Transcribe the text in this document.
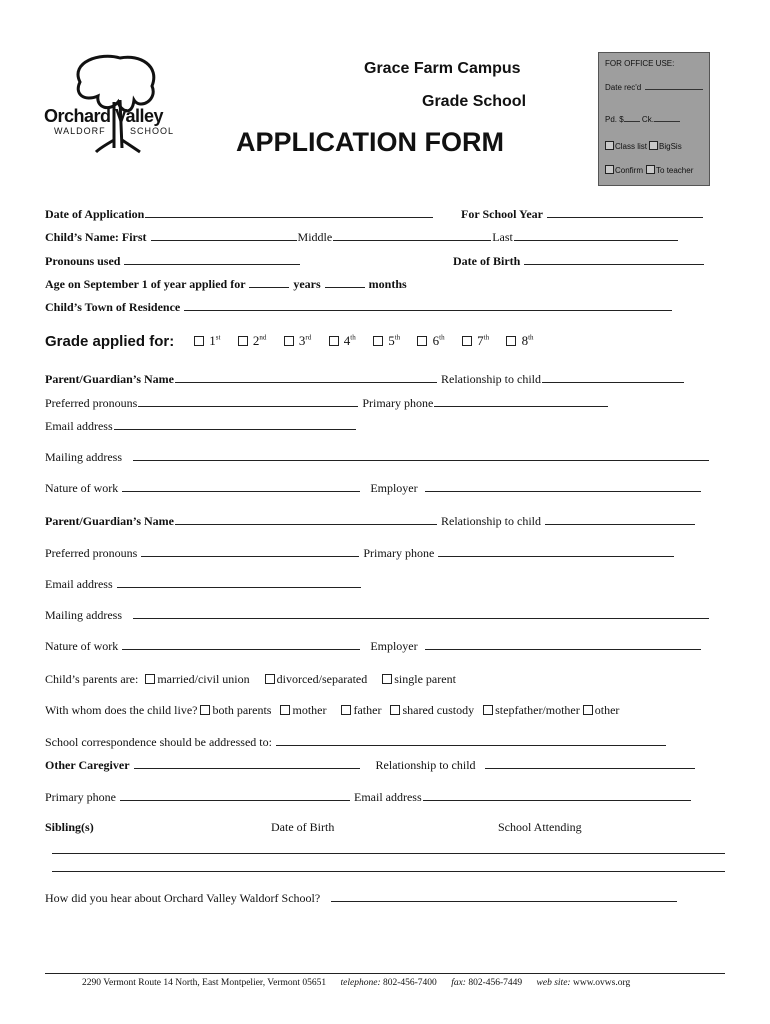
Orchard Valley
WALDORF	SCHOOL
Grace Farm Campus
Grade School
APPLICATION FORM
FOR OFFICE USE:
Date rec'd
Pd. $ Ck.
Class list BigSis
Confirm To teacher
Date of Application	For School Year
Child’s Name: First	Middle	Last
Pronouns used	Date of Birth
Age on September 1 of year applied for	years	months
Child’s Town of Residence
Grade applied for:	1st	2nd	3rd	4th	5th	6th	7th	8th
Parent/Guardian’s Name	Relationship to child
Preferred pronouns	Primary phone
Email address
Mailing address
Nature of work	Employer
Parent/Guardian’s Name	Relationship to child
Preferred pronouns	Primary phone
Email address
Mailing address
Nature of work	Employer
Child’s parents are: married/civil union divorced/separated single parent
With whom does the child live? both parents mother father shared custody stepfather/mother other
School correspondence should be addressed to:
Other Caregiver	Relationship to child
Primary phone	Email address
Sibling(s)	Date of Birth	School Attending
How did you hear about Orchard Valley Waldorf School?
2290 Vermont Route 14 North, East Montpelier, Vermont 05651 telephone: 802-456-7400 fax: 802-456-7449 web site: www.ovws.org
